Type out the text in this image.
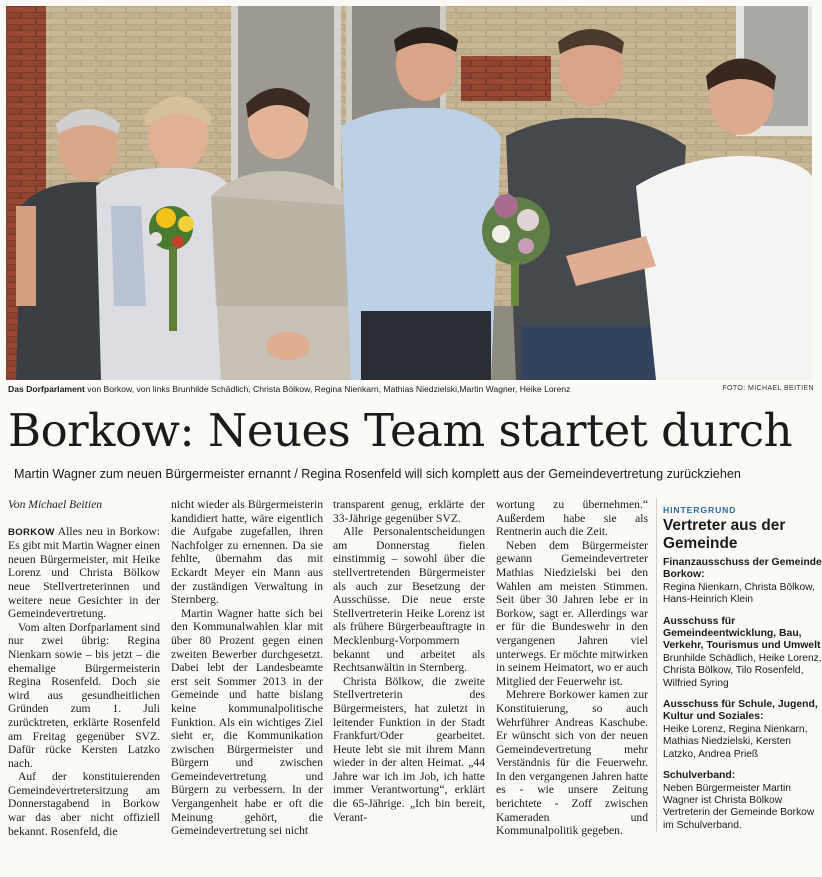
Das Dorfparlament von Borkow, von links Brunhilde Schädlich, Christa Bölkow, Regina Nienkarn, Mathias Niedzielski,Martin Wagner, Heike Lorenz	FOTO: MICHAEL BEITIEN
Borkow: Neues Team startet durch
Martin Wagner zum neuen Bürgermeister ernannt / Regina Rosenfeld will sich komplett aus der Gemeindevertretung zurückziehen

Von Michael Beitien

BORKOW Alles neu in Borkow: Es gibt mit Martin Wagner einen neuen Bürgermeister, mit Heike Lorenz und Christa Bölkow neue Stellvertreterinnen und weitere neue Gesichter in der Gemeindevertretung.

Vom alten Dorfparlament sind nur zwei übrig: Regina Nienkarn sowie – bis jetzt – die ehemalige Bürgermeisterin Regina Rosenfeld. Doch sie wird aus gesundheitlichen Gründen zum 1. Juli zurücktreten, erklärte Rosenfeld am Freitag gegenüber SVZ. Dafür rücke Kersten Latzko nach.

Auf der konstituierenden Gemeindevertretersitzung am Donnerstagabend in Borkow war das aber nicht offiziell bekannt. Rosenfeld, die

nicht wieder als Bürgermeisterin kandidiert hatte, wäre eigentlich die Aufgabe zugefallen, ihren Nachfolger zu ernennen. Da sie fehlte, übernahm das mit Eckardt Meyer ein Mann aus der zuständigen Verwaltung in Sternberg.

Martin Wagner hatte sich bei den Kommunalwahlen klar mit über 80 Prozent gegen einen zweiten Bewerber durchgesetzt. Dabei lebt der Landesbeamte erst seit Sommer 2013 in der Gemeinde und hatte bislang keine kommunalpolitische Funktion. Als ein wichtiges Ziel sieht er, die Kommunikation zwischen Bürgermeister und Bürgern und zwischen Gemeindevertretung und Bürgern zu verbessern. In der Vergangenheit habe er oft die Meinung gehört, die Gemeindevertretung sei nicht

transparent genug, erklärte der 33-Jährige gegenüber SVZ.

Alle Personalentscheidungen am Donnerstag fielen einstimmig – sowohl über die stellvertretenden Bürgermeister als auch zur Besetzung der Ausschüsse. Die neue erste Stellvertreterin Heike Lorenz ist als frühere Bürgerbeauftragte in Mecklenburg-Vorpommern bekannt und arbeitet als Rechtsanwältin in Sternberg.

Christa Bölkow, die zweite Stellvertreterin des Bürgermeisters, hat zuletzt in leitender Funktion in der Stadt Frankfurt/Oder gearbeitet. Heute lebt sie mit ihrem Mann wieder in der alten Heimat. „44 Jahre war ich im Job, ich hatte immer Verantwortung“, erklärt die 65-Jährige. „Ich bin bereit, Verant-

wortung zu übernehmen.“ Außerdem habe sie als Rentnerin auch die Zeit.

Neben dem Bürgermeister gewann Gemeindevertreter Mathias Niedzielski bei den Wahlen am meisten Stimmen. Seit über 30 Jahren lebe er in Borkow, sagt er. Allerdings war er für die Bundeswehr in den vergangenen Jahren viel unterwegs. Er möchte mitwirken in seinem Heimatort, wo er auch Mitglied der Feuerwehr ist.

Mehrere Borkower kamen zur Konstituierung, so auch Wehrführer Andreas Kaschube. Er wünscht sich von der neuen Gemeindevertretung mehr Verständnis für die Feuerwehr. In den vergangenen Jahren hatte es - wie unsere Zeitung berichtete - Zoff zwischen Kameraden und Kommunalpolitik gegeben.

HINTERGRUND
Vertreter aus der Gemeinde
Finanzausschuss der Gemeinde Borkow:
Regina Nienkarn, Christa Bölkow, Hans-Heinrich Klein
Ausschuss für Gemeindeentwicklung, Bau, Verkehr, Tourismus und Umwelt
Brunhilde Schädlich, Heike Lorenz, Christa Bölkow, Tilo Rosenfeld, Wilfried Syring
Ausschuss für Schule, Jugend, Kultur und Soziales:
Heike Lorenz, Regina Nienkarn, Mathias Niedzielski, Kersten Latzko, Andrea Prieß
Schulverband:
Neben Bürgermeister Martin Wagner ist Christa Bölkow Vertreterin der Gemeinde Borkow im Schulverband.
